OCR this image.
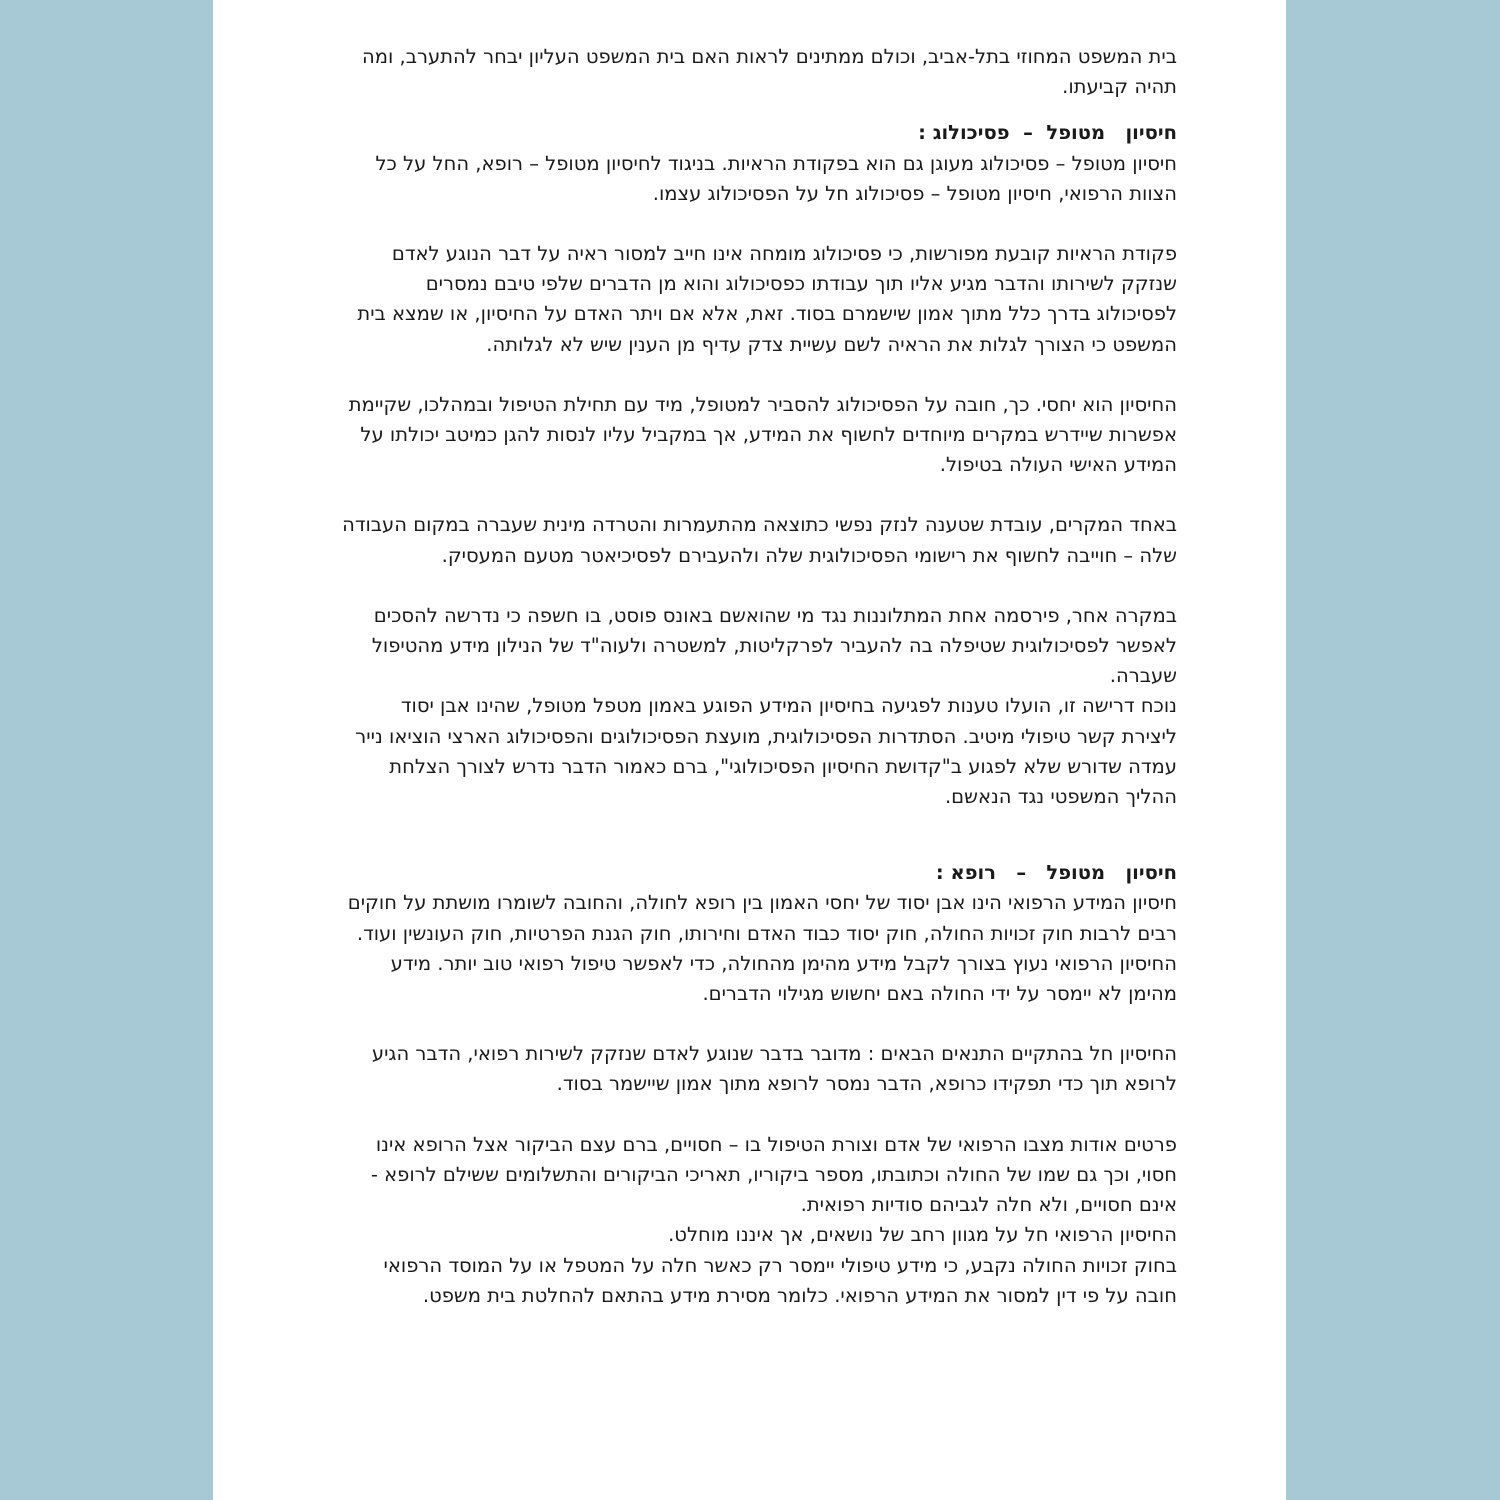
בית המשפט המחוזי בתל-אביב, וכולם ממתינים לראות האם בית המשפט העליון יבחר להתערב, ומה תהיה קביעתו.

חיסיון   מטופל  –  פסיכולוג :

חיסיון מטופל – פסיכולוג מעוגן גם הוא בפקודת הראיות. בניגוד לחיסיון מטופל – רופא, החל על כל הצוות הרפואי, חיסיון מטופל – פסיכולוג חל על הפסיכולוג עצמו.

פקודת הראיות קובעת מפורשות, כי פסיכולוג מומחה אינו חייב למסור ראיה על דבר הנוגע לאדם שנזקק לשירותו והדבר מגיע אליו תוך עבודתו כפסיכולוג והוא מן הדברים שלפי טיבם נמסרים לפסיכולוג בדרך כלל מתוך אמון שישמרם בסוד. זאת, אלא אם ויתר האדם על החיסיון, או שמצא בית המשפט כי הצורך לגלות את הראיה לשם עשיית צדק עדיף מן הענין שיש לא לגלותה.

החיסיון הוא יחסי. כך, חובה על הפסיכולוג להסביר למטופל, מיד עם תחילת הטיפול ובמהלכו, שקיימת אפשרות שיידרש במקרים מיוחדים לחשוף את המידע, אך במקביל עליו לנסות להגן כמיטב יכולתו על המידע האישי העולה בטיפול.

באחד המקרים, עובדת שטענה לנזק נפשי כתוצאה מהתעמרות והטרדה מינית שעברה במקום העבודה שלה – חוייבה לחשוף את רישומי הפסיכולוגית שלה ולהעבירם לפסיכיאטר מטעם המעסיק.

במקרה אחר, פירסמה אחת המתלוננות נגד מי שהואשם באונס פוסט, בו חשפה כי נדרשה להסכים לאפשר לפסיכולוגית שטיפלה בה להעביר לפרקליטות, למשטרה ולעוה"ד של הנילון מידע מהטיפול שעברה.

נוכח דרישה זו, הועלו טענות לפגיעה בחיסיון המידע הפוגע באמון מטפל מטופל, שהינו אבן יסוד ליצירת קשר טיפולי מיטיב. הסתדרות הפסיכולוגית, מועצת הפסיכולוגים והפסיכולוג הארצי הוציאו נייר עמדה שדורש שלא לפגוע ב"קדושת החיסיון הפסיכולוגי", ברם כאמור הדבר נדרש לצורך הצלחת ההליך המשפטי נגד הנאשם.

חיסיון   מטופל   –   רופא :

חיסיון המידע הרפואי הינו אבן יסוד של יחסי האמון בין רופא לחולה, והחובה לשומרו מושתת על חוקים רבים לרבות חוק זכויות החולה, חוק יסוד כבוד האדם וחירותו, חוק הגנת הפרטיות, חוק העונשין ועוד.

החיסיון הרפואי נעוץ בצורך לקבל מידע מהימן מהחולה, כדי לאפשר טיפול רפואי טוב יותר. מידע מהימן לא יימסר על ידי החולה באם יחשוש מגילוי הדברים.

החיסיון חל בהתקיים התנאים הבאים : מדובר בדבר שנוגע לאדם שנזקק לשירות רפואי, הדבר הגיע לרופא תוך כדי תפקידו כרופא, הדבר נמסר לרופא מתוך אמון שיישמר בסוד.

פרטים אודות מצבו הרפואי של אדם וצורת הטיפול בו – חסויים, ברם עצם הביקור אצל הרופא אינו חסוי, וכך גם שמו של החולה וכתובתו, מספר ביקוריו, תאריכי הביקורים והתשלומים ששילם לרופא - אינם חסויים, ולא חלה לגביהם סודיות רפואית.

החיסיון הרפואי חל על מגוון רחב של נושאים, אך איננו מוחלט.

בחוק זכויות החולה נקבע, כי מידע טיפולי יימסר רק כאשר חלה על המטפל או על המוסד הרפואי חובה על פי דין למסור את המידע הרפואי. כלומר מסירת מידע בהתאם להחלטת בית משפט.
